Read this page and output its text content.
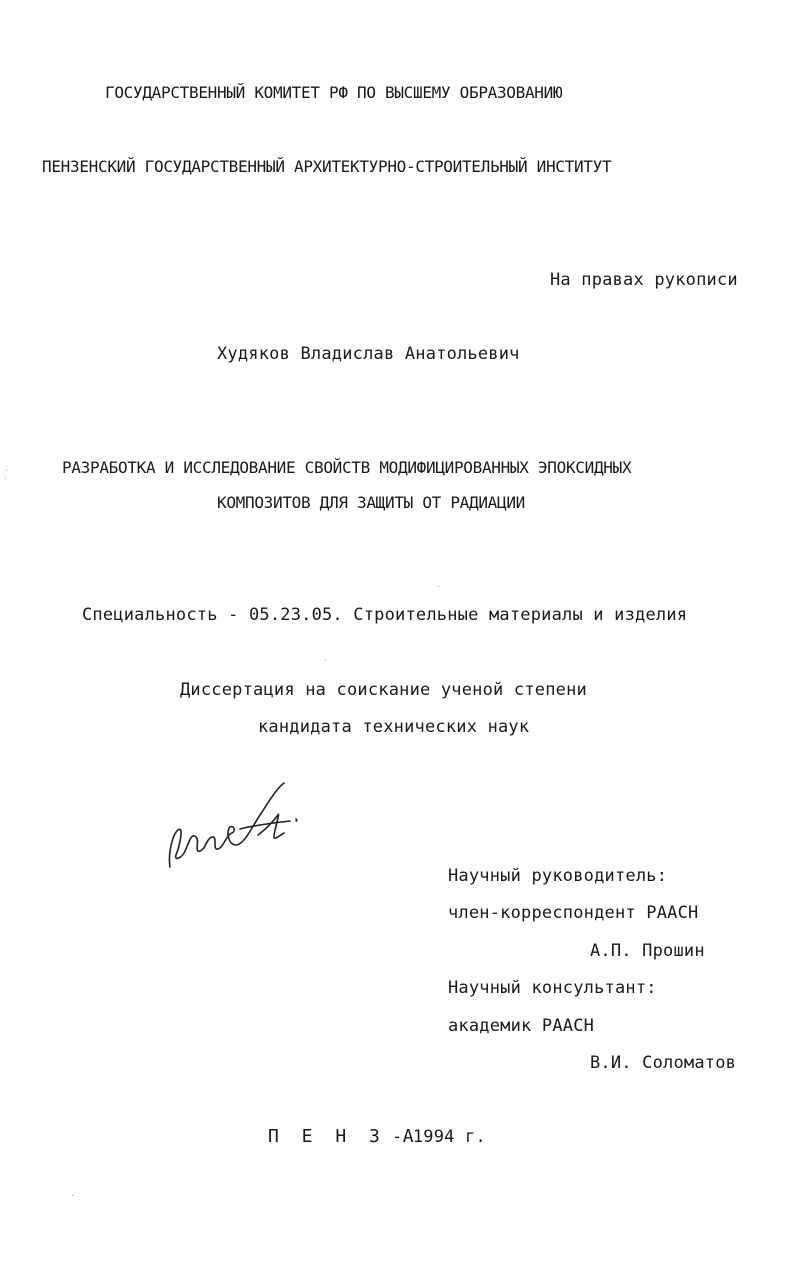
ГОСУДАРСТВЕННЫЙ КОМИТЕТ РФ ПО ВЫСШЕМУ ОБРАЗОВАНИЮ
ПЕНЗЕНСКИЙ ГОСУДАРСТВЕННЫЙ АРХИТЕКТУРНО-СТРОИТЕЛЬНЫЙ ИНСТИТУТ
На правах рукописи
Худяков Владислав Анатольевич
РАЗРАБОТКА И ИССЛЕДОВАНИЕ СВОЙСТВ МОДИФИЦИРОВАННЫХ ЭПОКСИДНЫХ
КОМПОЗИТОВ ДЛЯ ЗАЩИТЫ ОТ РАДИАЦИИ
Специальность - 05.23.05. Строительные материалы и изделия
Диссертация на соискание ученой степени
кандидата технических наук
Научный руководитель:
член-корреспондент РААСН
А.П. Прошин
Научный консультант:
академик РААСН
В.И. Соломатов
П Е Н З А
- 1994 г.
